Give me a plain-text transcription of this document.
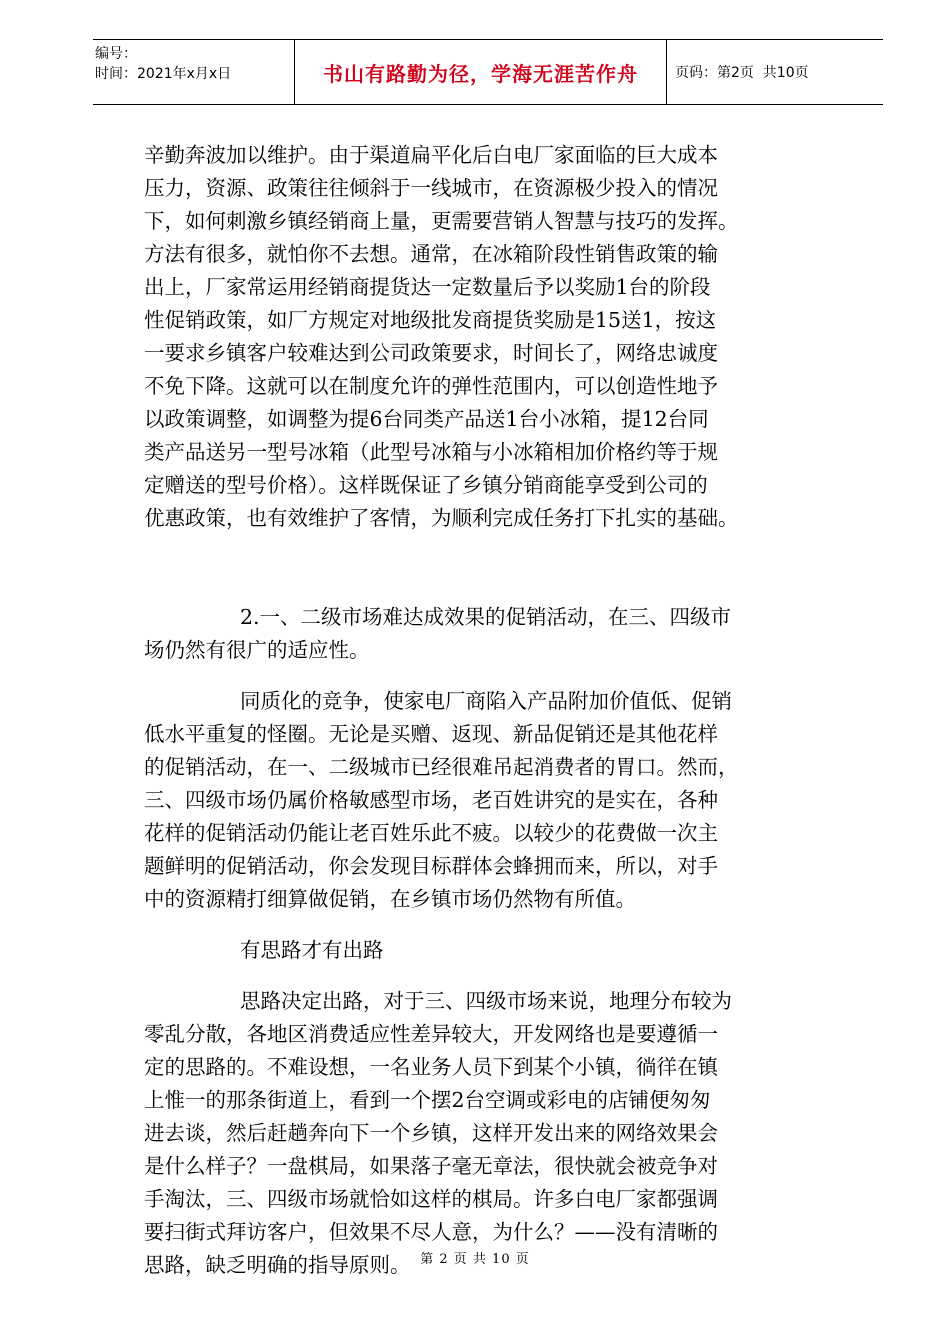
编号：
时间：2021年x月x日	书山有路勤为径，学海无涯苦作舟	页码： 第2页  共10页
辛勤奔波加以维护。由于渠道扁平化后白电厂家面临的巨大成本
压力，资源、政策往往倾斜于一线城市，在资源极少投入的情况
下，如何刺激乡镇经销商上量，更需要营销人智慧与技巧的发挥。
方法有很多，就怕你不去想。通常，在冰箱阶段性销售政策的输
出上，厂家常运用经销商提货达一定数量后予以奖励1台的阶段
性促销政策，如厂方规定对地级批发商提货奖励是15送1，按这
一要求乡镇客户较难达到公司政策要求，时间长了，网络忠诚度
不免下降。这就可以在制度允许的弹性范围内，可以创造性地予
以政策调整，如调整为提6台同类产品送1台小冰箱，提12台同
类产品送另一型号冰箱（此型号冰箱与小冰箱相加价格约等于规
定赠送的型号价格）。这样既保证了乡镇分销商能享受到公司的
优惠政策，也有效维护了客情，为顺利完成任务打下扎实的基础。
2.一、二级市场难达成效果的促销活动，在三、四级市
场仍然有很广的适应性。
同质化的竞争，使家电厂商陷入产品附加价值低、促销
低水平重复的怪圈。无论是买赠、返现、新品促销还是其他花样
的促销活动，在一、二级城市已经很难吊起消费者的胃口。然而，
三、四级市场仍属价格敏感型市场，老百姓讲究的是实在，各种
花样的促销活动仍能让老百姓乐此不疲。以较少的花费做一次主
题鲜明的促销活动，你会发现目标群体会蜂拥而来，所以，对手
中的资源精打细算做促销，在乡镇市场仍然物有所值。
有思路才有出路
思路决定出路，对于三、四级市场来说，地理分布较为
零乱分散，各地区消费适应性差异较大，开发网络也是要遵循一
定的思路的。不难设想，一名业务人员下到某个小镇，徜徉在镇
上惟一的那条街道上，看到一个摆2台空调或彩电的店铺便匆匆
进去谈，然后赶趟奔向下一个乡镇，这样开发出来的网络效果会
是什么样子？一盘棋局，如果落子毫无章法，很快就会被竞争对
手淘汰，三、四级市场就恰如这样的棋局。许多白电厂家都强调
要扫街式拜访客户，但效果不尽人意，为什么？——没有清晰的
思路，缺乏明确的指导原则。 第 2 页 共 10 页
